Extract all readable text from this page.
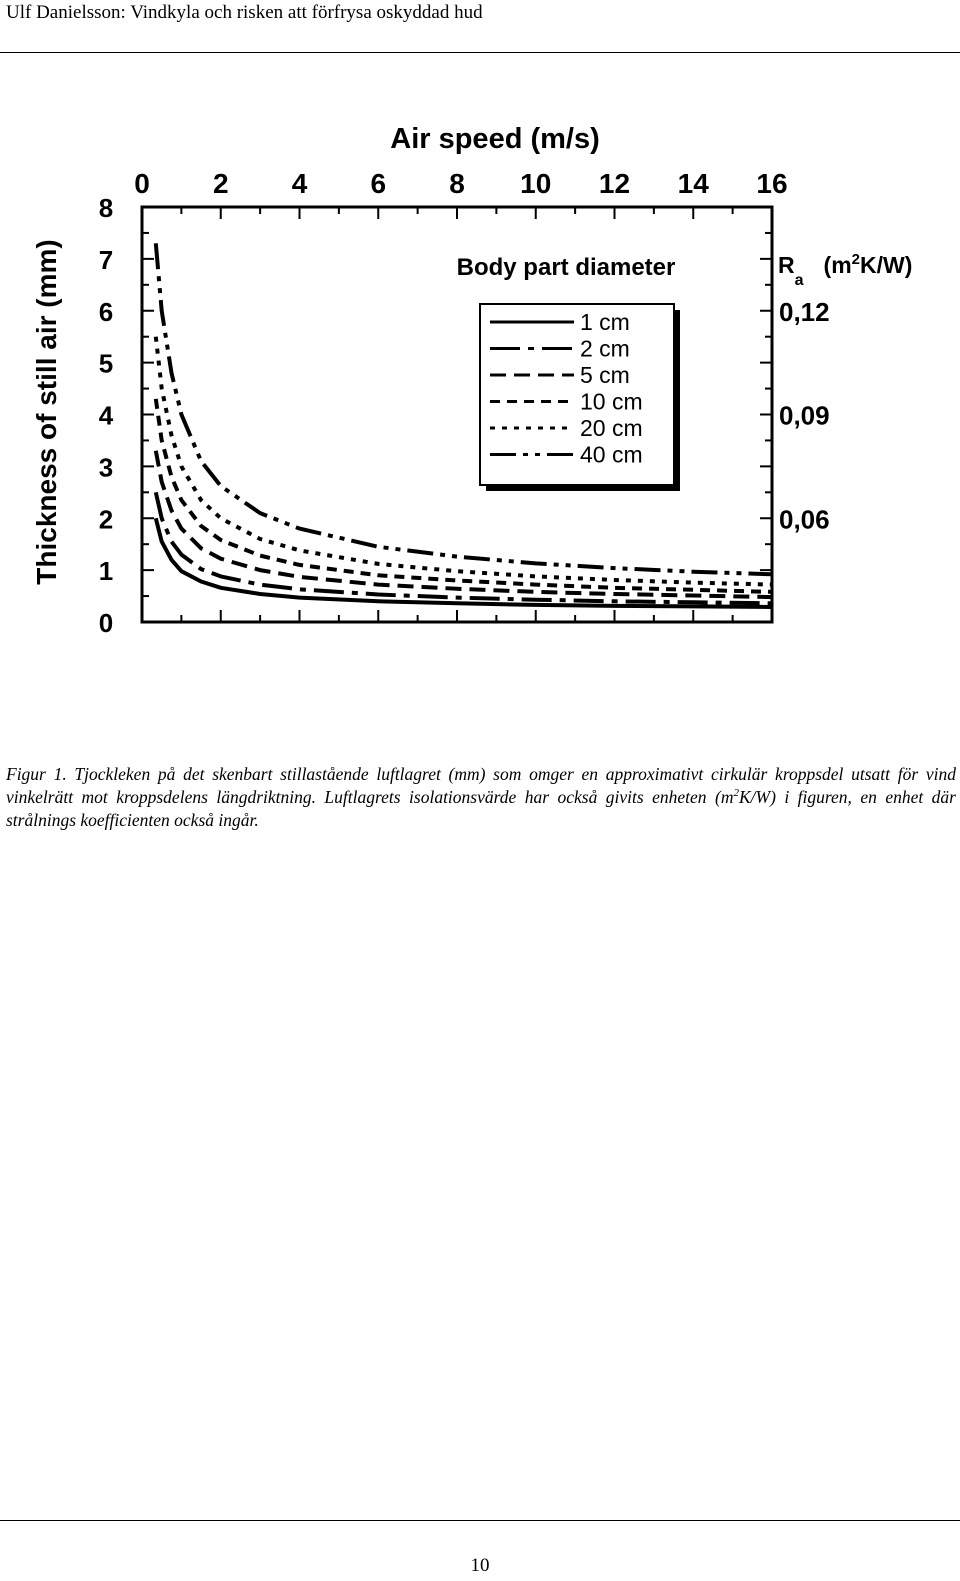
Ulf Danielsson: Vindkyla och risken att förfrysa oskyddad hud
Air speed (m/s)
Thickness of still air (mm)
0 2 4 6 8 10 12 14 16
0
1
2
3
4
5
6
7
8
Body part diameter
1 cm
2 cm
5 cm
10 cm
20 cm
40 cm
$R_a(m^2K/W)$
0,12
0,09
0,06
Figur 1. Tjockleken på det skenbart stillastående luftlagret (mm) som omger en approximativt cirkulär kroppsdel utsatt för vind vinkelrätt mot kroppsdelens längdriktning. Luftlagrets isolationsvärde har också givits enheten $(m^2K/W)$ i figuren, en enhet där strålnings koefficienten också ingår.
10
